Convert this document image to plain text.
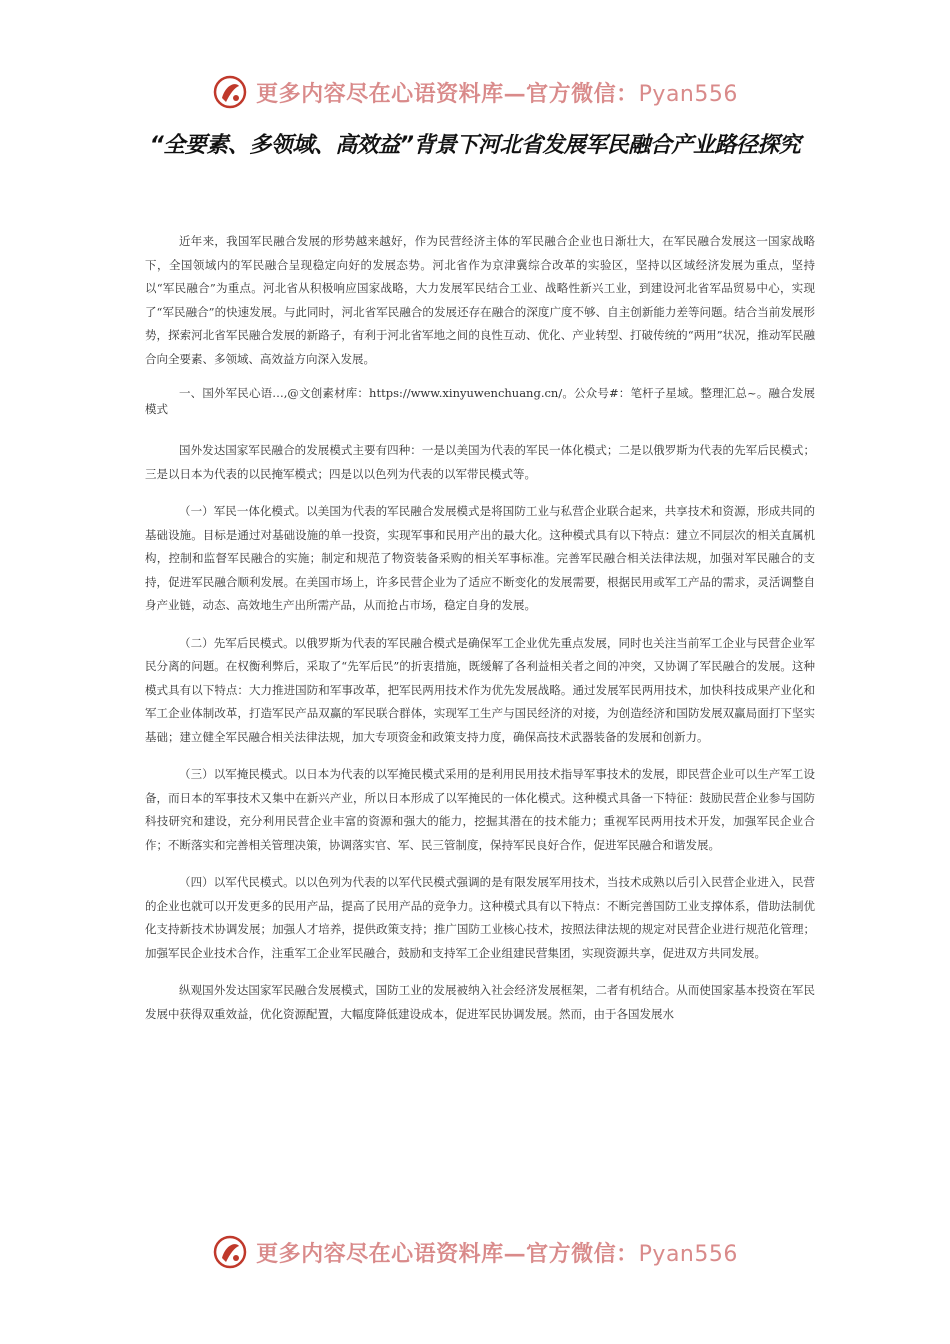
更多内容尽在心语资料库—官方微信：Pyan556
“全要素、多领域、高效益”背景下河北省发展军民融合产业路径探究

近年来，我国军民融合发展的形势越来越好，作为民营经济主体的军民融合企业也日渐壮大，在军民融合发展这一国家战略下，全国领域内的军民融合呈现稳定向好的发展态势。河北省作为京津冀综合改革的实验区，坚持以区域经济发展为重点，坚持以“军民融合”为重点。河北省从积极响应国家战略，大力发展军民结合工业、战略性新兴工业，到建设河北省军品贸易中心，实现了“军民融合”的快速发展。与此同时，河北省军民融合的发展还存在融合的深度广度不够、自主创新能力差等问题。结合当前发展形势，探索河北省军民融合发展的新路子，有利于河北省军地之间的良性互动、优化、产业转型、打破传统的“两用”状况，推动军民融合向全要素、多领域、高效益方向深入发展。

一、国外军民心语…,@文创素材库：https://www.xinyuwenchuang.cn/。公众号#：笔杆子星域。整理汇总~。融合发展模式

国外发达国家军民融合的发展模式主要有四种：一是以美国为代表的军民一体化模式；二是以俄罗斯为代表的先军后民模式；三是以日本为代表的以民掩军模式；四是以以色列为代表的以军带民模式等。

（一）军民一体化模式。以美国为代表的军民融合发展模式是将国防工业与私营企业联合起来，共享技术和资源，形成共同的基础设施。目标是通过对基础设施的单一投资，实现军事和民用产出的最大化。这种模式具有以下特点：建立不同层次的相关直属机构，控制和监督军民融合的实施；制定和规范了物资装备采购的相关军事标准。完善军民融合相关法律法规，加强对军民融合的支持，促进军民融合顺利发展。在美国市场上，许多民营企业为了适应不断变化的发展需要，根据民用或军工产品的需求，灵活调整自身产业链，动态、高效地生产出所需产品，从而抢占市场，稳定自身的发展。

（二）先军后民模式。以俄罗斯为代表的军民融合模式是确保军工企业优先重点发展，同时也关注当前军工企业与民营企业军民分离的问题。在权衡利弊后，采取了“先军后民”的折衷措施，既缓解了各利益相关者之间的冲突，又协调了军民融合的发展。这种模式具有以下特点：大力推进国防和军事改革，把军民两用技术作为优先发展战略。通过发展军民两用技术，加快科技成果产业化和军工企业体制改革，打造军民产品双赢的军民联合群体，实现军工生产与国民经济的对接，为创造经济和国防发展双赢局面打下坚实基础；建立健全军民融合相关法律法规，加大专项资金和政策支持力度，确保高技术武器装备的发展和创新力。

（三）以军掩民模式。以日本为代表的以军掩民模式采用的是利用民用技术指导军事技术的发展，即民营企业可以生产军工设备，而日本的军事技术又集中在新兴产业，所以日本形成了以军掩民的一体化模式。这种模式具备一下特征：鼓励民营企业参与国防科技研究和建设，充分利用民营企业丰富的资源和强大的能力，挖掘其潜在的技术能力；重视军民两用技术开发，加强军民企业合作；不断落实和完善相关管理决策，协调落实官、军、民三管制度，保持军民良好合作，促进军民融合和谐发展。

（四）以军代民模式。以以色列为代表的以军代民模式强调的是有限发展军用技术，当技术成熟以后引入民营企业进入，民营的企业也就可以开发更多的民用产品，提高了民用产品的竞争力。这种模式具有以下特点：不断完善国防工业支撑体系，借助法制优化支持新技术协调发展；加强人才培养，提供政策支持；推广国防工业核心技术，按照法律法规的规定对民营企业进行规范化管理；加强军民企业技术合作，注重军工企业军民融合，鼓励和支持军工企业组建民营集团，实现资源共享，促进双方共同发展。

纵观国外发达国家军民融合发展模式，国防工业的发展被纳入社会经济发展框架，二者有机结合。从而使国家基本投资在军民发展中获得双重效益，优化资源配置，大幅度降低建设成本，促进军民协调发展。然而，由于各国发展水

更多内容尽在心语资料库—官方微信：Pyan556
